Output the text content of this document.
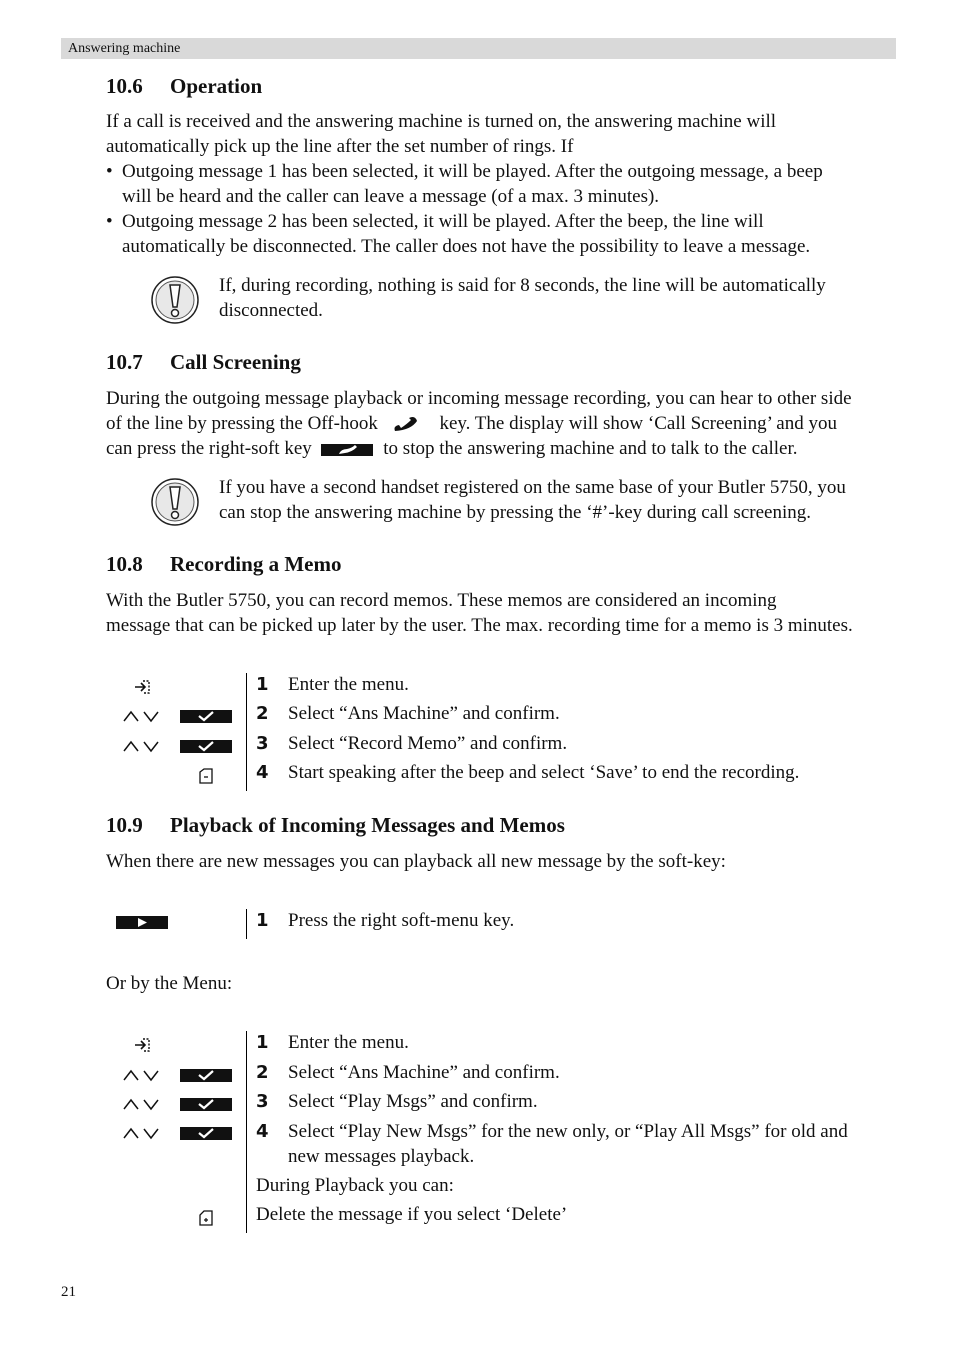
Answering machine
10.6 Operation
If a call is received and the answering machine is turned on, the answering machine will
automatically pick up the line after the set number of rings. If
• Outgoing message 1 has been selected, it will be played. After the outgoing message, a beep
will be heard and the caller can leave a message (of a max. 3 minutes).
• Outgoing message 2 has been selected, it will be played. After the beep, the line will
automatically be disconnected. The caller does not have the possibility to leave a message.
If, during recording, nothing is said for 8 seconds, the line will be automatically
disconnected.
10.7 Call Screening
During the outgoing message playback or incoming message recording, you can hear to other side
of the line by pressing the Off-hook	key. The display will show ‘Call Screening’ and you
can press the right-soft key	to stop the answering machine and to talk to the caller.
If you have a second handset registered on the same base of your Butler 5750, you
can stop the answering machine by pressing the ‘#’-key during call screening.
10.8 Recording a Memo
With the Butler 5750, you can record memos. These memos are considered an incoming
message that can be picked up later by the user. The max. recording time for a memo is 3 minutes.
1 Enter the menu.
2 Select “Ans Machine” and confirm.
3 Select “Record Memo” and confirm.
4 Start speaking after the beep and select ‘Save’ to end the recording.
10.9 Playback of Incoming Messages and Memos
When there are new messages you can playback all new message by the soft-key:
1 Press the right soft-menu key.
Or by the Menu:
1 Enter the menu.
2 Select “Ans Machine” and confirm.
3 Select “Play Msgs” and confirm.
4 Select “Play New Msgs” for the new only, or “Play All Msgs” for old and
new messages playback.
During Playback you can:
Delete the message if you select ‘Delete’
21
